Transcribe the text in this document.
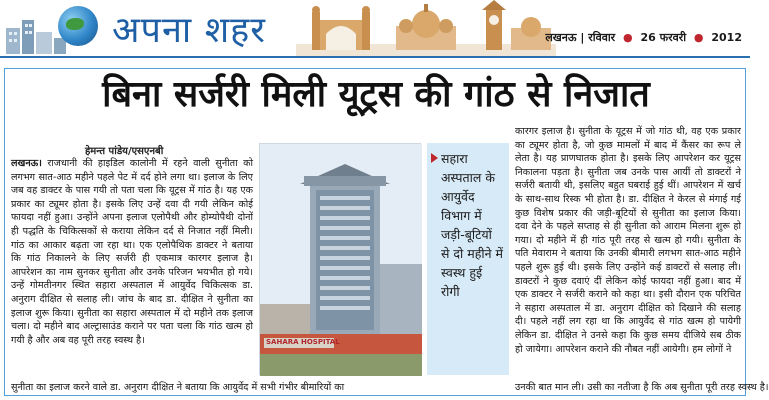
अपना शहर	लखनऊ | रविवार ● 26 फरवरी ● 2012
बिना सर्जरी मिली यूट्रस की गांठ से निजात
हेमन्त पांडेय/एसएनबी
लखनऊ। राजधानी की हाइडिल कालोनी में रहने वाली सुनीता को लगभग सात-आठ महीने पहले पेट में दर्द होने लगा था। इलाज के लिए जब वह डाक्टर के पास गयी तो पता चला कि यूट्रस में गांठ है। यह एक प्रकार का ट्यूमर होता है। इसके लिए उन्हें दवा दी गयी लेकिन कोई फायदा नहीं हुआ। उन्होंने अपना इलाज एलोपैथी और होम्योपैथी दोनों ही पद्धति के चिकित्सकों से कराया लेकिन दर्द से निजात नहीं मिली। गांठ का आकार बढ़ता जा रहा था। एक एलोपैथिक डाक्टर ने बताया कि गांठ निकालने के लिए सर्जरी ही एकमात्र कारगर इलाज है। आपरेशन का नाम सुनकर सुनीता और उनके परिजन भयभीत हो गये। उन्हें गोमतीनगर स्थित सहारा अस्पताल में आयुर्वेद चिकित्सक डा. अनुराग दीक्षित से सलाह ली। जांच के बाद डा. दीक्षित ने सुनीता का इलाज शुरू किया। सुनीता का सहारा अस्पताल में दो महीने तक इलाज चला। दो महीने बाद अल्ट्रासाउंड कराने पर पता चला कि गांठ खत्म हो गयी है और अब वह पूरी तरह स्वस्थ है।	SAHARA HOSPITAL
सहारा अस्पताल के आयुर्वेद विभाग में जड़ी-बूटियों से दो महीने में स्वस्थ हुई रोगी
कारगर इलाज है। सुनीता के यूट्रस में जो गांठ थी, वह एक प्रकार का ट्यूमर होता है, जो कुछ मामलों में बाद में कैंसर का रूप ले लेता है। यह प्राणघातक होता है। इसके लिए आपरेशन कर यूट्रस निकालना पड़ता है। सुनीता जब उनके पास आयीं तो डाक्टरों ने सर्जरी बतायी थी, इसलिए बहुत घबराई हुई थीं। आपरेशन में खर्च के साथ-साथ रिस्क भी होता है। डा. दीक्षित ने केरल से मंगाई गई कुछ विशेष प्रकार की जड़ी-बूटियों से सुनीता का इलाज किया। दवा देने के पहले सप्ताह से ही सुनीता को आराम मिलना शुरू हो गया। दो महीने में ही गांठ पूरी तरह से खत्म हो गयी। सुनीता के पति मेवाराम ने बताया कि उनकी बीमारी लगभग सात-आठ महीने पहले शुरू हुई थी। इसके लिए उन्होंने कई डाक्टरों से सलाह ली। डाक्टरों ने कुछ दवाएं दीं लेकिन कोई फायदा नहीं हुआ। बाद में एक डाक्टर ने सर्जरी कराने को कहा था। इसी दौरान एक परिचित ने सहारा अस्पताल में डा. अनुराग दीक्षित को दिखाने की सलाह दी। पहले नहीं लग रहा था कि आयुर्वेद से गांठ खत्म हो पायेगी लेकिन डा. दीक्षित ने उनसे कहा कि कुछ समय दीजिये सब ठीक हो जायेगा। आपरेशन कराने की नौबत नहीं आयेगी। हम लोगों ने
सुनीता का इलाज करने वाले डा. अनुराग दीक्षित ने बताया कि आयुर्वेद में सभी गंभीर बीमारियों का	उनकी बात मान ली। उसी का नतीजा है कि अब सुनीता पूरी तरह स्वस्थ है।
